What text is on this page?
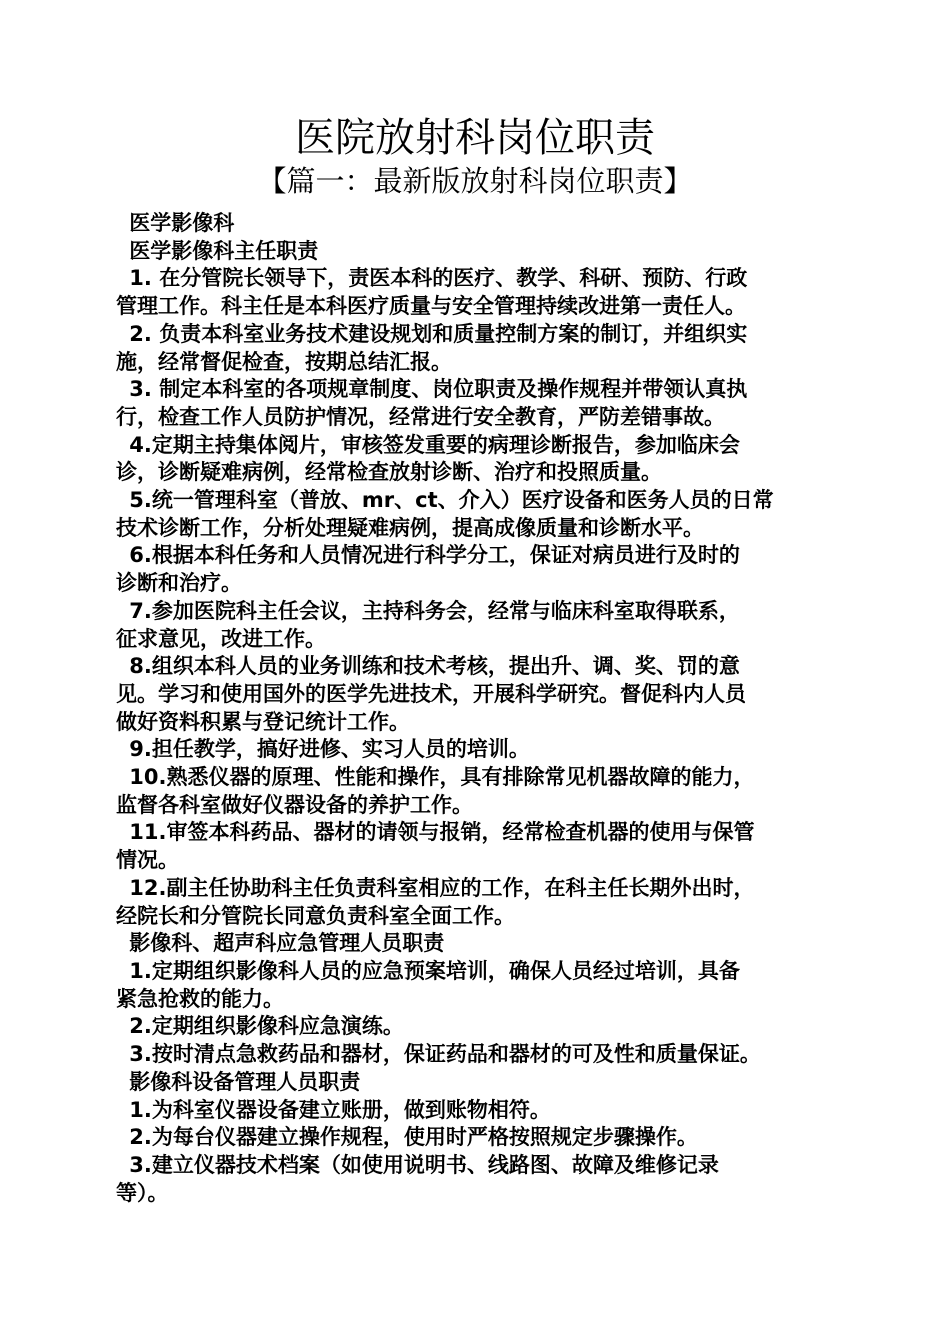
医院放射科岗位职责
【篇一：最新版放射科岗位职责】

医学影像科

医学影像科主任职责

1. 在分管院长领导下，责医本科的医疗、教学、科研、预防、行政

管理工作。科主任是本科医疗质量与安全管理持续改进第一责任人。

2. 负责本科室业务技术建设规划和质量控制方案的制订，并组织实

施，经常督促检查，按期总结汇报。

3. 制定本科室的各项规章制度、岗位职责及操作规程并带领认真执

行，检查工作人员防护情况，经常进行安全教育，严防差错事故。

4.定期主持集体阅片，审核签发重要的病理诊断报告，参加临床会

诊，诊断疑难病例，经常检查放射诊断、治疗和投照质量。

5.统一管理科室（普放、mr、ct、介入）医疗设备和医务人员的日常

技术诊断工作，分析处理疑难病例，提高成像质量和诊断水平。

6.根据本科任务和人员情况进行科学分工，保证对病员进行及时的

诊断和治疗。

7.参加医院科主任会议，主持科务会，经常与临床科室取得联系，

征求意见，改进工作。

8.组织本科人员的业务训练和技术考核，提出升、调、奖、罚的意

见。学习和使用国外的医学先进技术，开展科学研究。督促科内人员

做好资料积累与登记统计工作。

9.担任教学，搞好进修、实习人员的培训。

10.熟悉仪器的原理、性能和操作，具有排除常见机器故障的能力，

监督各科室做好仪器设备的养护工作。

11.审签本科药品、器材的请领与报销，经常检查机器的使用与保管

情况。

12.副主任协助科主任负责科室相应的工作，在科主任长期外出时，

经院长和分管院长同意负责科室全面工作。

影像科、超声科应急管理人员职责

1.定期组织影像科人员的应急预案培训，确保人员经过培训，具备

紧急抢救的能力。

2.定期组织影像科应急演练。

3.按时清点急救药品和器材，保证药品和器材的可及性和质量保证。

影像科设备管理人员职责

1.为科室仪器设备建立账册，做到账物相符。

2.为每台仪器建立操作规程，使用时严格按照规定步骤操作。

3.建立仪器技术档案（如使用说明书、线路图、故障及维修记录

等）。
